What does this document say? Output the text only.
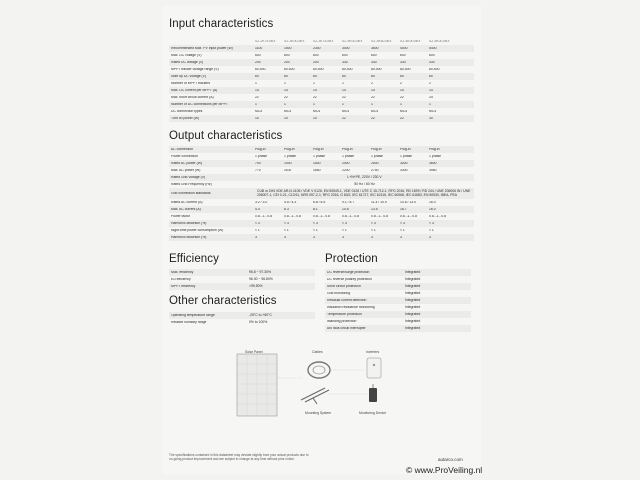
Input characteristics
SZ-2K75-MIX	SZ-3K00-MIX	SZ-3K75-MIX	SZ-5K00-MIX	SZ-3K60-MIX	SZ-4K00-MIX	SZ-5K00-MIX
Recommended Max. PV Input power (W)	1100	1500	2300	3000	3600	4000	5400
Max. DC voltage (V)	600	600	600	600	600	600	600
Rated DC voltage (V)	200	200	200	330	330	330	330
MPPT tracker voltage range (V)	60-500	60-500	60-500	80-500	80-500	80-500	80-500
Start up DC voltage (V)	60	60	60	60	60	60	60
Number of MPPT trackers	1	1	1	1	2	2	2
Max. DC current per MPPT (A)	14	14	14	14	14	14	14
Max. short circuit current (A)	22	22	22	22	22	22	24
Number of DC connections per MPPT	1	1	1	1	1	1	1
DC connection types	MC4	MC4	MC4	MC4	MC4	MC4	MC4
Turn on power (W)	10	10	10	22	22	22	30
Output characteristics
AC connection	Plug-in	Plug-in	Plug-in	Plug-in	Plug-in	Plug-in	Plug-in
Power connection	1 phase	1 phase	1 phase	1 phase	1 phase	1 phase	1 phase
Rated AC power (W)	700	1000	1500	2000	2500	3000	3600
Max. AC power (W)	770	1100	1650	2200	2750	3300	3960
Rated Grid Voltage (V)	L+N+PE, 220V / 230 V
Rated Grid Frequency (Hz)	50 Hz / 60 Hz
Grid connection standards	CUB or DIN VDE AR-N 4105 / VDE V 0126, EN 50549-1, VDE 0126 / UTE C 15-712-1, RFG 2016, RD 1699 / RD 244 / UNE 206006 IN / UNE 206007-1, CEI 0-21, C10/11, NRS 097-2-1, RFG 2016, G 83/2, IEC 61727, IEC 62116, IEC 60068, IEC 61683, EN 50530, IBEA, PEA
Rated AC current (A)	3.2 / 3.0	4.5 / 4.3	6.8 / 6.5	9.1 / 8.7	11.4 / 10.9	13.6 / 13.0	16.0
Max. AC current (A)	4.4	6.3	8.1	10.6	13.5	16.7	16.0
Power factor	0.8...1...0.8	0.8...1...0.8	0.8...1...0.8	0.8...1...0.8	0.8...1...0.8	0.8...1...0.8	0.8...1...0.8
Harmonic distortion (%)	< 3	< 3	< 3	< 3	< 3	< 3	< 3
Night-time power consumption (W)	< 1	< 1	< 1	< 1	< 1	< 1	< 1
Harmonic distortion (%)	3	3	3	3	3	3	3
Efficiency
Max. efficiency	96.8 ~ 97.30%
EU efficiency	96.30 ~ 96.80%
MPPT efficiency	>99.50%
Other characteristics
Operating temperature range	-25°C to +60°C
Relative humidity range	0% to 100%
Protection
DC reverse/surge protection	Integrated
DC reverse polarity protection	Integrated
Short circuit protection	Integrated
Grid monitoring	Integrated
Residual current detection	Integrated
Insulation resistance monitoring	Integrated
Temperature protection	Integrated
Islanding protection	Integrated
Arc fault circuit interrupter	Integrated
Solar Panel	Cables	Inverters
Mounting System	Monitoring Device
The specifications contained in this datasheet may deviate slightly from your actual products due to on-going product improvement and are subject to change at any time without prior notice.	autarco.com
© www.ProVeiling.nl
